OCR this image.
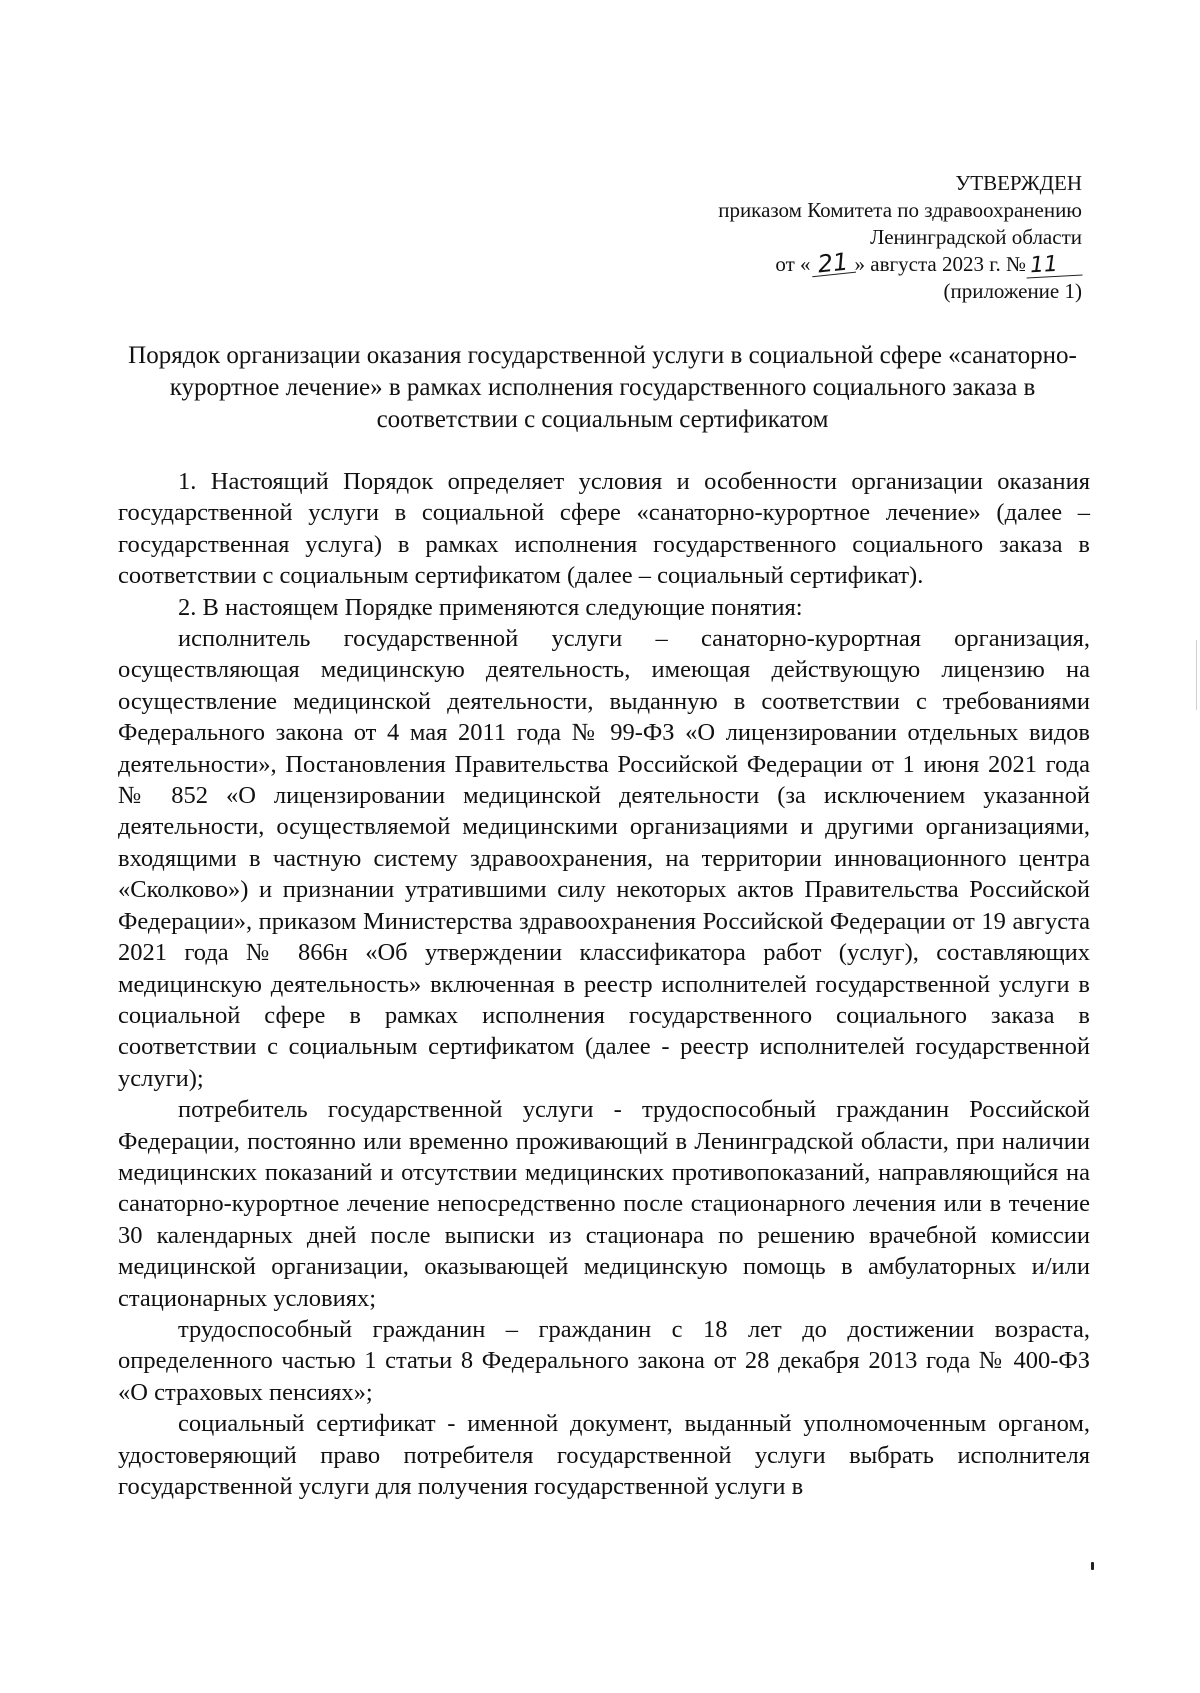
УТВЕРЖДЕН
приказом Комитета по здравоохранению
Ленинградской области
от « 21 » августа 2023 г. № 11
(приложение 1)
Порядок организации оказания государственной услуги в социальной сфере «санаторно-курортное лечение» в рамках исполнения государственного социального заказа в соответствии с социальным сертификатом

1. Настоящий Порядок определяет условия и особенности организации оказания государственной услуги в социальной сфере «санаторно-курортное лечение» (далее – государственная услуга) в рамках исполнения государственного социального заказа в соответствии с социальным сертификатом (далее – социальный сертификат).

2. В настоящем Порядке применяются следующие понятия:

исполнитель государственной услуги – санаторно-курортная организация, осуществляющая медицинскую деятельность, имеющая действующую лицензию на осуществление медицинской деятельности, выданную в соответствии с требованиями Федерального закона от 4 мая 2011 года № 99-ФЗ «О лицензировании отдельных видов деятельности», Постановления Правительства Российской Федерации от 1 июня 2021 года № 852 «О лицензировании медицинской деятельности (за исключением указанной деятельности, осуществляемой медицинскими организациями и другими организациями, входящими в частную систему здравоохранения, на территории инновационного центра «Сколково») и признании утратившими силу некоторых актов Правительства Российской Федерации», приказом Министерства здравоохранения Российской Федерации от 19 августа 2021 года № 866н «Об утверждении классификатора работ (услуг), составляющих медицинскую деятельность» включенная в реестр исполнителей государственной услуги в социальной сфере в рамках исполнения государственного социального заказа в соответствии с социальным сертификатом (далее - реестр исполнителей государственной услуги);

потребитель государственной услуги - трудоспособный гражданин Российской Федерации, постоянно или временно проживающий в Ленинградской области, при наличии медицинских показаний и отсутствии медицинских противопоказаний, направляющийся на санаторно-курортное лечение непосредственно после стационарного лечения или в течение 30 календарных дней после выписки из стационара по решению врачебной комиссии медицинской организации, оказывающей медицинскую помощь в амбулаторных и/или стационарных условиях;

трудоспособный гражданин – гражданин с 18 лет до достижении возраста, определенного частью 1 статьи 8 Федерального закона от 28 декабря 2013 года № 400-ФЗ «О страховых пенсиях»;

социальный сертификат - именной документ, выданный уполномоченным органом, удостоверяющий право потребителя государственной услуги выбрать исполнителя государственной услуги для получения государственной услуги в
